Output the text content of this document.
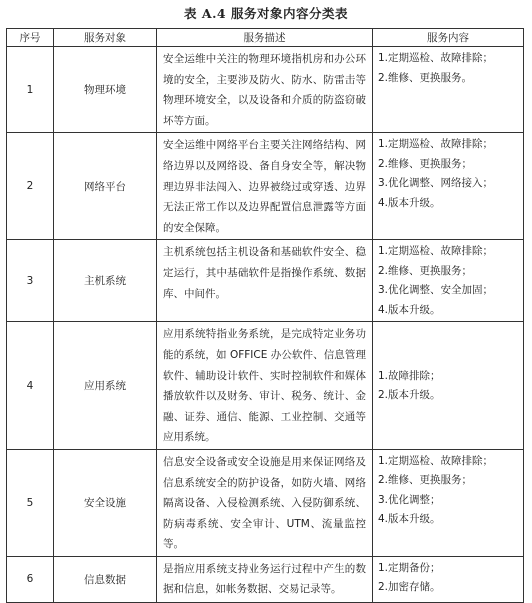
表 A.4 服务对象内容分类表
序号	服务对象	服务描述	服务内容
1	物理环境	安全运维中关注的物理环境指机房和办公环境的安全，主要涉及防火、防水、防雷击等物理环境安全，以及设备和介质的防盗窃破坏等方面。	1.定期巡检、故障排除；
2.维修、更换服务。

2	网络平台	安全运维中网络平台主要关注网络结构、网络边界以及网络设、备自身安全等，解决物理边界非法闯入、边界被绕过或穿透、边界无法正常工作以及边界配置信息泄露等方面的安全保障。	1.定期巡检、故障排除；
2.维修、更换服务；
3.优化调整、网络接入；
4.版本升级。

3	主机系统	主机系统包括主机设备和基础软件安全、稳定运行，其中基础软件是指操作系统、数据库、中间件。	1.定期巡检、故障排除；
2.维修、更换服务；
3.优化调整、安全加固；
4.版本升级。

4	应用系统	应用系统特指业务系统，是完成特定业务功能的系统，如 OFFICE 办公软件、信息管理软件、辅助设计软件、实时控制软件和媒体播放软件以及财务、审计、税务、统计、金融、证券、通信、能源、工业控制、交通等应用系统。	1.故障排除；
2.版本升级。

5	安全设施	信息安全设备或安全设施是用来保证网络及信息系统安全的防护设备，如防火墙、网络隔离设备、入侵检测系统、入侵防御系统、防病毒系统、安全审计、UTM、流量监控等。	1.定期巡检、故障排除；
2.维修、更换服务；
3.优化调整；
4.版本升级。

6	信息数据	是指应用系统支持业务运行过程中产生的数据和信息，如帐务数据、交易记录等。	1.定期备份；
2.加密存储。
